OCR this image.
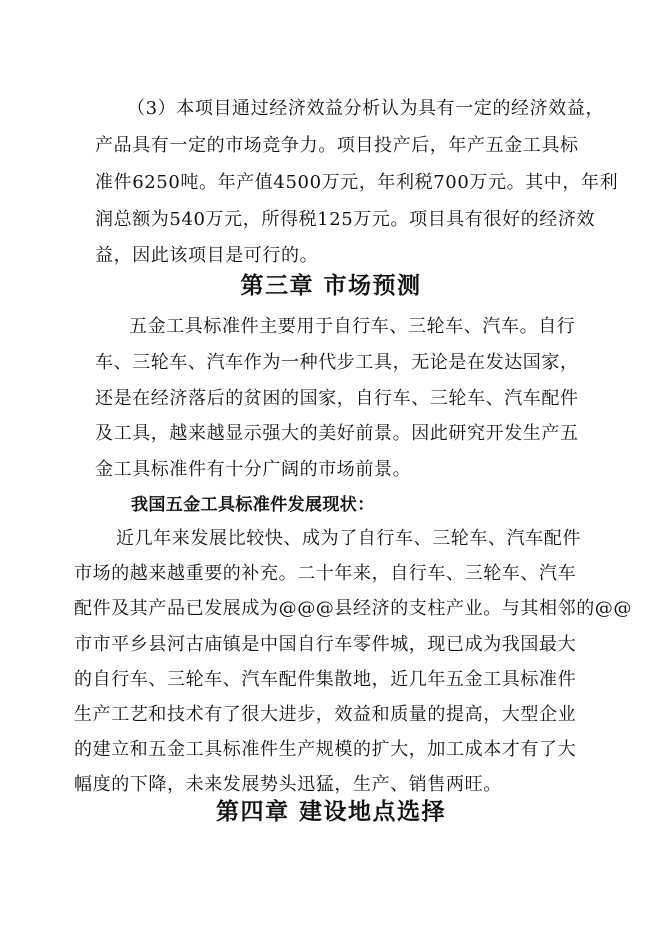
（3）本项目通过经济效益分析认为具有一定的经济效益，
产品具有一定的市场竞争力。项目投产后，年产五金工具标
准件6250吨。年产值4500万元，年利税700万元。其中，年利
润总额为540万元，所得税125万元。项目具有很好的经济效
益，因此该项目是可行的。
第三章 市场预测
五金工具标准件主要用于自行车、三轮车、汽车。自行
车、三轮车、汽车作为一种代步工具，无论是在发达国家，
还是在经济落后的贫困的国家，自行车、三轮车、汽车配件
及工具，越来越显示强大的美好前景。因此研究开发生产五
金工具标准件有十分广阔的市场前景。
我国五金工具标准件发展现状：
近几年来发展比较快、成为了自行车、三轮车、汽车配件
市场的越来越重要的补充。二十年来，自行车、三轮车、汽车
配件及其产品已发展成为@@@县经济的支柱产业。与其相邻的@@
市市平乡县河古庙镇是中国自行车零件城，现已成为我国最大
的自行车、三轮车、汽车配件集散地，近几年五金工具标准件
生产工艺和技术有了很大进步，效益和质量的提高，大型企业
的建立和五金工具标准件生产规模的扩大，加工成本才有了大
幅度的下降，未来发展势头迅猛，生产、销售两旺。
第四章 建设地点选择
